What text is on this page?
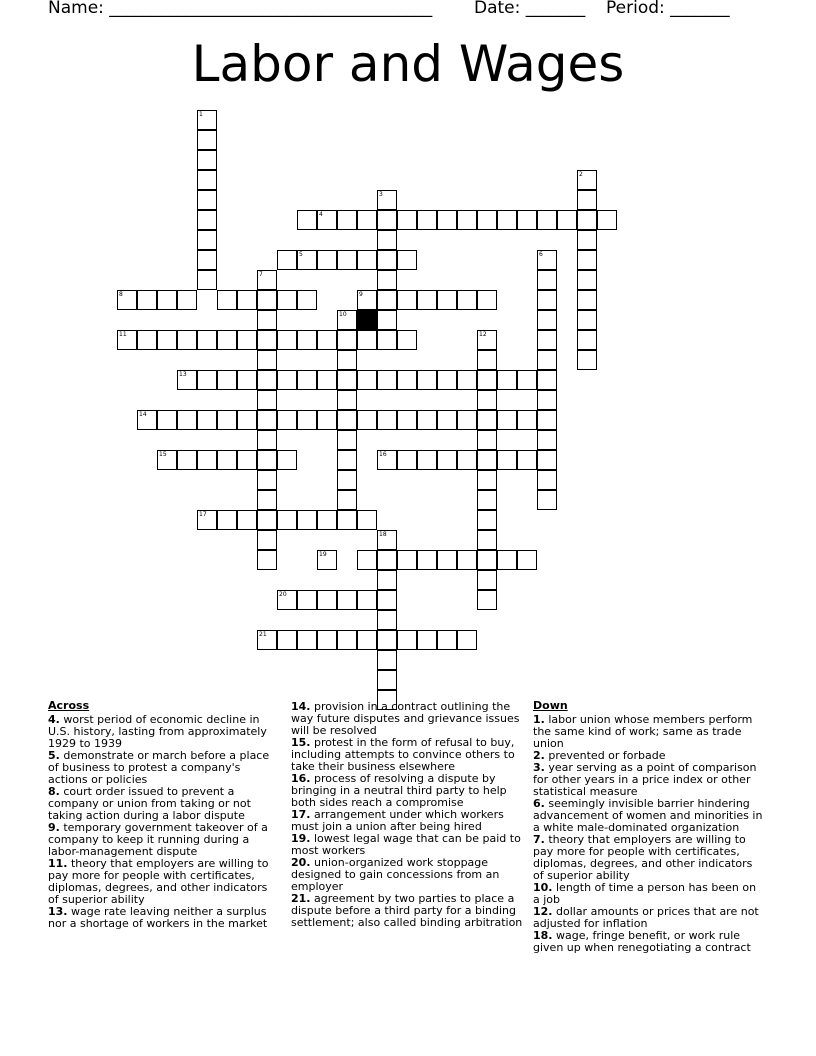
Name: ______________________________________ Date: _______ Period: _______
Labor and Wages
1
4
2
3
5	6
8
7
11	12
13
14
15	16
17
19
18
20
21
9
10
Across
4. worst period of economic decline in U.S. history, lasting from approximately 1929 to 1939
5. demonstrate or march before a place of business to protest a company's actions or policies
8. court order issued to prevent a company or union from taking or not taking action during a labor dispute
9. temporary government takeover of a company to keep it running during a labor-management dispute
11. theory that employers are willing to pay more for people with certificates, diplomas, degrees, and other indicators of superior ability
13. wage rate leaving neither a surplus nor a shortage of workers in the market
14. provision in a contract outlining the way future disputes and grievance issues will be resolved
15. protest in the form of refusal to buy, including attempts to convince others to take their business elsewhere
16. process of resolving a dispute by bringing in a neutral third party to help both sides reach a compromise
17. arrangement under which workers must join a union after being hired
19. lowest legal wage that can be paid to most workers
20. union-organized work stoppage designed to gain concessions from an employer
21. agreement by two parties to place a dispute before a third party for a binding settlement; also called binding arbitration
Down
1. labor union whose members perform the same kind of work; same as trade union
2. prevented or forbade
3. year serving as a point of comparison for other years in a price index or other statistical measure
6. seemingly invisible barrier hindering advancement of women and minorities in a white male-dominated organization
7. theory that employers are willing to pay more for people with certificates, diplomas, degrees, and other indicators of superior ability
10. length of time a person has been on a job
12. dollar amounts or prices that are not adjusted for inflation
18. wage, fringe benefit, or work rule given up when renegotiating a contract
